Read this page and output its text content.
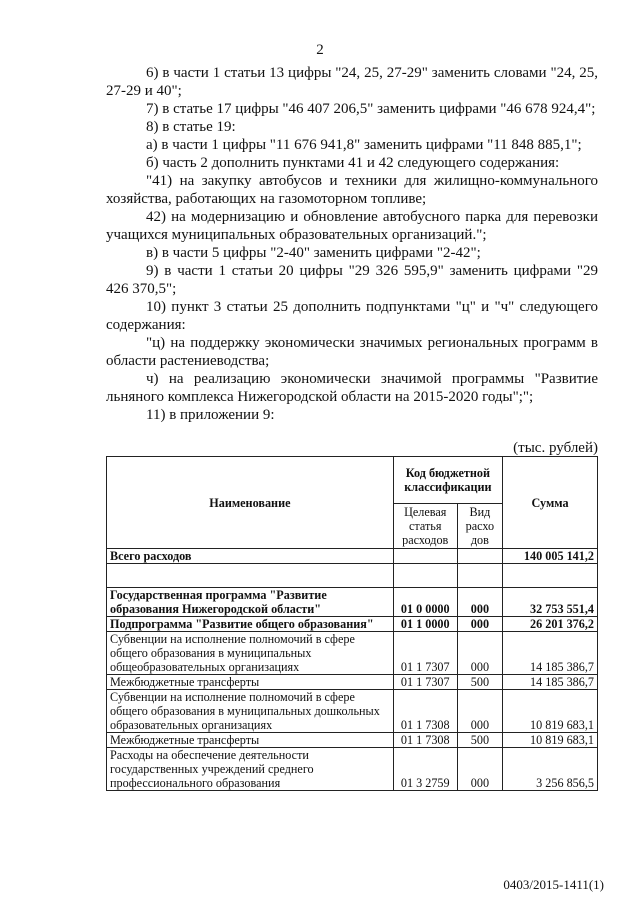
2
6) в части 1 статьи 13 цифры "24, 25, 27-29" заменить словами "24, 25, 27-29 и 40";
7) в статье 17 цифры "46 407 206,5" заменить цифрами "46 678 924,4";
8) в статье 19:
а) в части 1 цифры "11 676 941,8" заменить цифрами "11 848 885,1";
б) часть 2 дополнить пунктами 41 и 42 следующего содержания:
"41) на закупку автобусов и техники для жилищно-коммунального хозяйства, работающих на газомоторном топливе;
42) на модернизацию и обновление автобусного парка для перевозки учащихся муниципальных образовательных организаций.";
в) в части 5 цифры "2-40" заменить цифрами "2-42";
9) в части 1 статьи 20 цифры "29 326 595,9" заменить цифрами "29 426 370,5";
10) пункт 3 статьи 25 дополнить подпунктами "ц" и "ч" следующего содержания:
"ц) на поддержку экономически значимых региональных программ в области растениеводства;
ч) на реализацию экономически значимой программы "Развитие льняного комплекса Нижегородской области на 2015-2020 годы";";
11) в приложении 9:
(тыс. рублей)
Наименование	Код бюджетной классификации		Сумма
	Целевая статья расходов	Вид расхо дов	
Всего расходов			140 005 141,2

Государственная программа "Развитие образования Нижегородской области"	01 0 0000	000	32 753 551,4
Подпрограмма "Развитие общего образования"	01 1 0000	000	26 201 376,2
Субвенции на исполнение полномочий в сфере общего образования в муниципальных общеобразовательных организациях	01 1 7307	000	14 185 386,7
Межбюджетные трансферты	01 1 7307	500	14 185 386,7
Субвенции на исполнение полномочий в сфере общего образования в муниципальных дошкольных образовательных организациях	01 1 7308	000	10 819 683,1
Межбюджетные трансферты	01 1 7308	500	10 819 683,1
Расходы на обеспечение деятельности государственных учреждений среднего профессионального образования	01 3 2759	000	3 256 856,5
0403/2015-1411(1)
